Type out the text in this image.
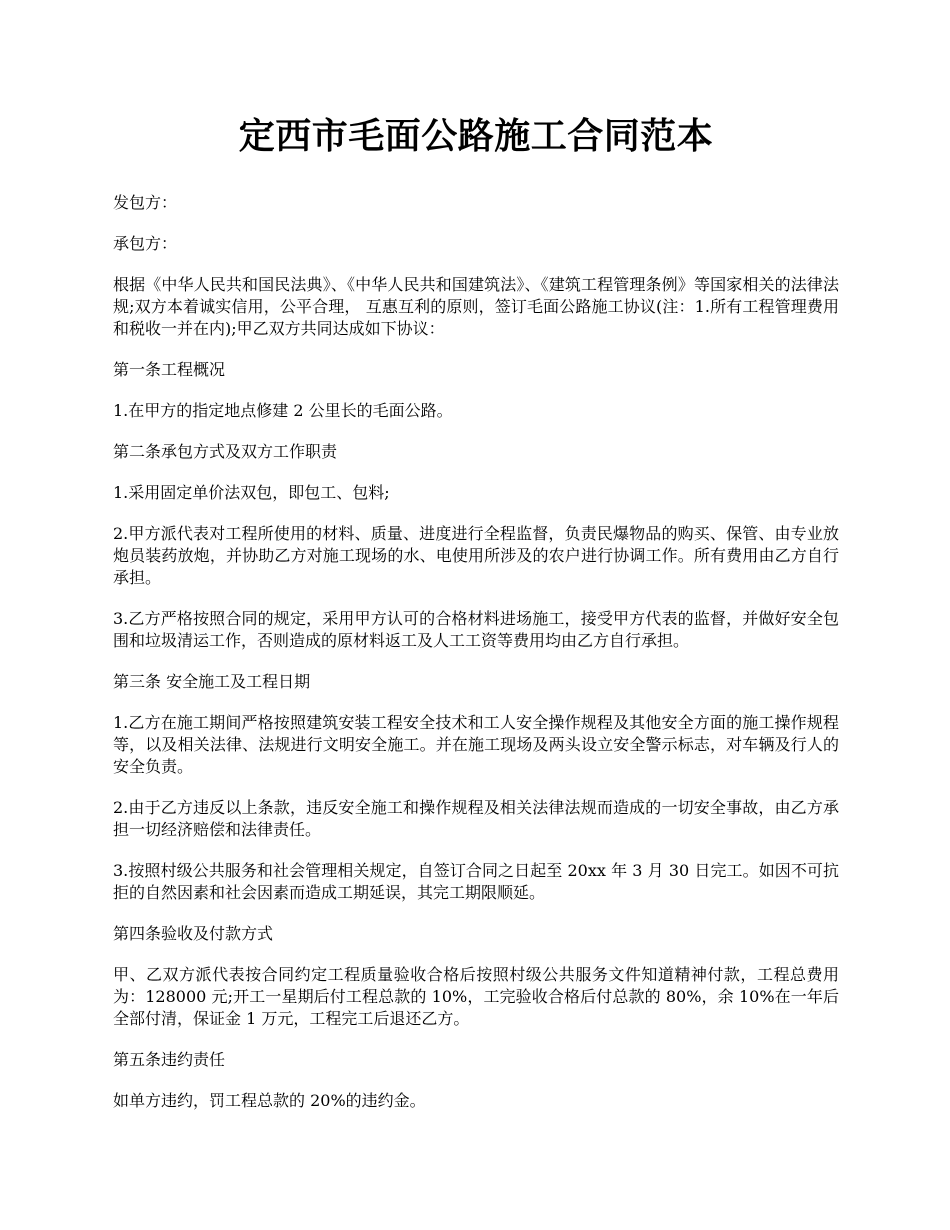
定西市毛面公路施工合同范本

发包方：

承包方：

根据《中华人民共和国民法典》、《中华人民共和国建筑法》、《建筑工程管理条例》等国家相关的法律法规;双方本着诚实信用，公平合理， 互惠互利的原则，签订毛面公路施工协议(注：1.所有工程管理费用和税收一并在内);甲乙双方共同达成如下协议：

第一条工程概况

1.在甲方的指定地点修建 2 公里长的毛面公路。

第二条承包方式及双方工作职责

1.采用固定单价法双包，即包工、包料;

2.甲方派代表对工程所使用的材料、质量、进度进行全程监督，负责民爆物品的购买、保管、由专业放炮员装药放炮，并协助乙方对施工现场的水、电使用所涉及的农户进行协调工作。所有费用由乙方自行承担。

3.乙方严格按照合同的规定，采用甲方认可的合格材料进场施工，接受甲方代表的监督，并做好安全包围和垃圾清运工作，否则造成的原材料返工及人工工资等费用均由乙方自行承担。

第三条 安全施工及工程日期

1.乙方在施工期间严格按照建筑安装工程安全技术和工人安全操作规程及其他安全方面的施工操作规程等，以及相关法律、法规进行文明安全施工。并在施工现场及两头设立安全警示标志，对车辆及行人的安全负责。

2.由于乙方违反以上条款，违反安全施工和操作规程及相关法律法规而造成的一切安全事故，由乙方承担一切经济赔偿和法律责任。

3.按照村级公共服务和社会管理相关规定，自签订合同之日起至 20xx 年 3 月 30 日完工。如因不可抗拒的自然因素和社会因素而造成工期延误，其完工期限顺延。

第四条验收及付款方式

甲、乙双方派代表按合同约定工程质量验收合格后按照村级公共服务文件知道精神付款，工程总费用为：128000 元;开工一星期后付工程总款的 10%，工完验收合格后付总款的 80%，余 10%在一年后全部付清，保证金 1 万元，工程完工后退还乙方。

第五条违约责任

如单方违约，罚工程总款的 20%的违约金。
